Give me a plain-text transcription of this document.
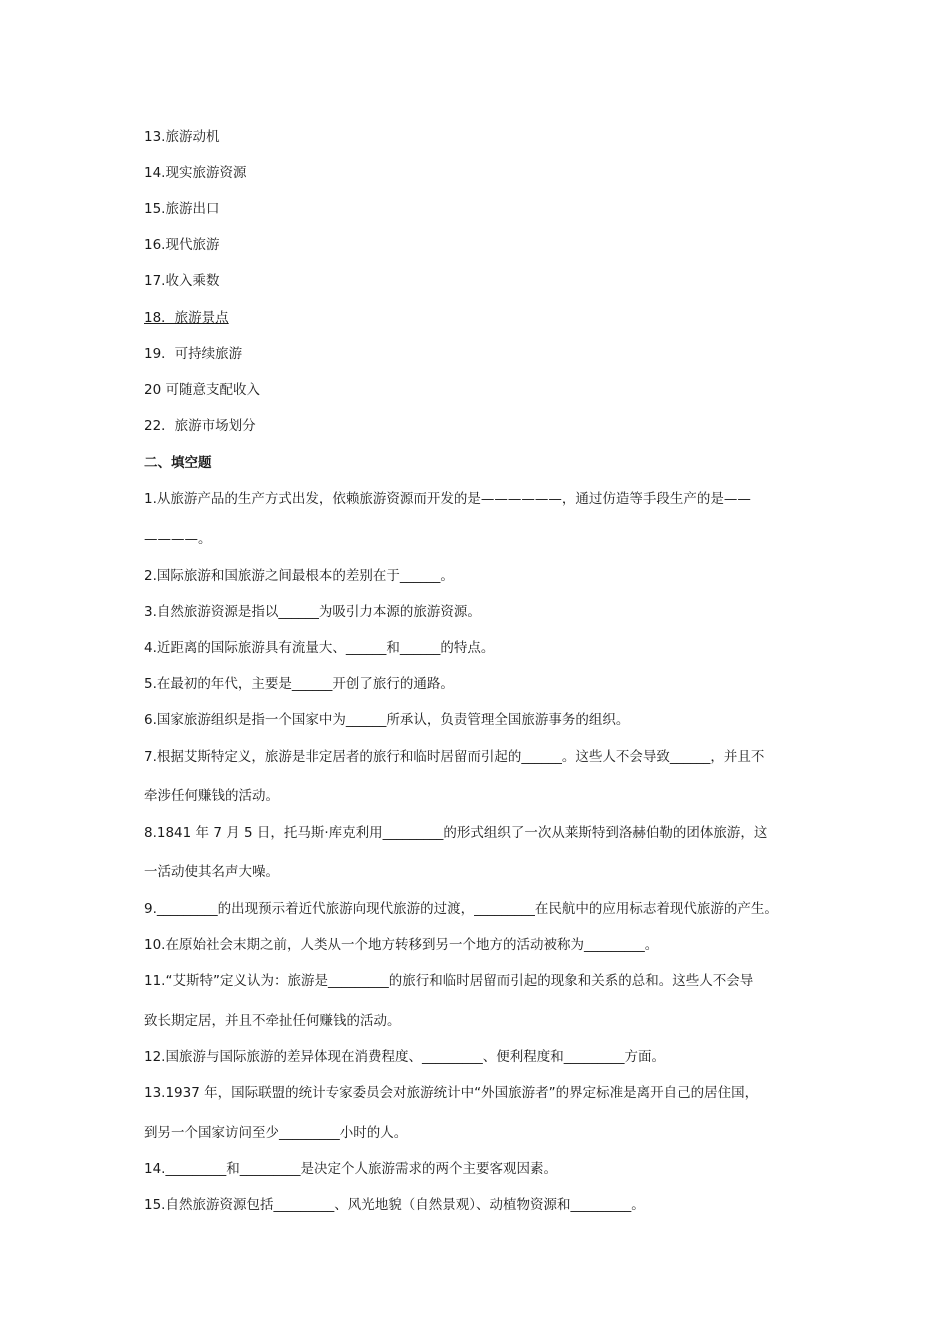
13.旅游动机

14.现实旅游资源

15.旅游出口

16.现代旅游

17.收入乘数

18．旅游景点

19．可持续旅游

20 可随意支配收入

22．旅游市场划分

二、填空题

1.从旅游产品的生产方式出发，依赖旅游资源而开发的是——————，通过仿造等手段生产的是——

————。

2.国际旅游和国旅游之间最根本的差别在于______。

3.自然旅游资源是指以______为吸引力本源的旅游资源。

4.近距离的国际旅游具有流量大、______和______的特点。

5.在最初的年代，主要是______开创了旅行的通路。

6.国家旅游组织是指一个国家中为______所承认，负责管理全国旅游事务的组织。

7.根据艾斯特定义，旅游是非定居者的旅行和临时居留而引起的______。这些人不会导致______，并且不

牵涉任何赚钱的活动。

8.1841 年 7 月 5 日，托马斯·库克利用_________的形式组织了一次从莱斯特到洛赫伯勒的团体旅游，这

一活动使其名声大噪。

9._________的出现预示着近代旅游向现代旅游的过渡，_________在民航中的应用标志着现代旅游的产生。

10.在原始社会末期之前，人类从一个地方转移到另一个地方的活动被称为_________。

11.“艾斯特”定义认为：旅游是_________的旅行和临时居留而引起的现象和关系的总和。这些人不会导

致长期定居，并且不牵扯任何赚钱的活动。

12.国旅游与国际旅游的差异体现在消费程度、_________、便利程度和_________方面。

13.1937 年，国际联盟的统计专家委员会对旅游统计中“外国旅游者”的界定标准是离开自己的居住国，

到另一个国家访问至少_________小时的人。

14._________和_________是决定个人旅游需求的两个主要客观因素。

15.自然旅游资源包括_________、风光地貌（自然景观）、动植物资源和_________。
